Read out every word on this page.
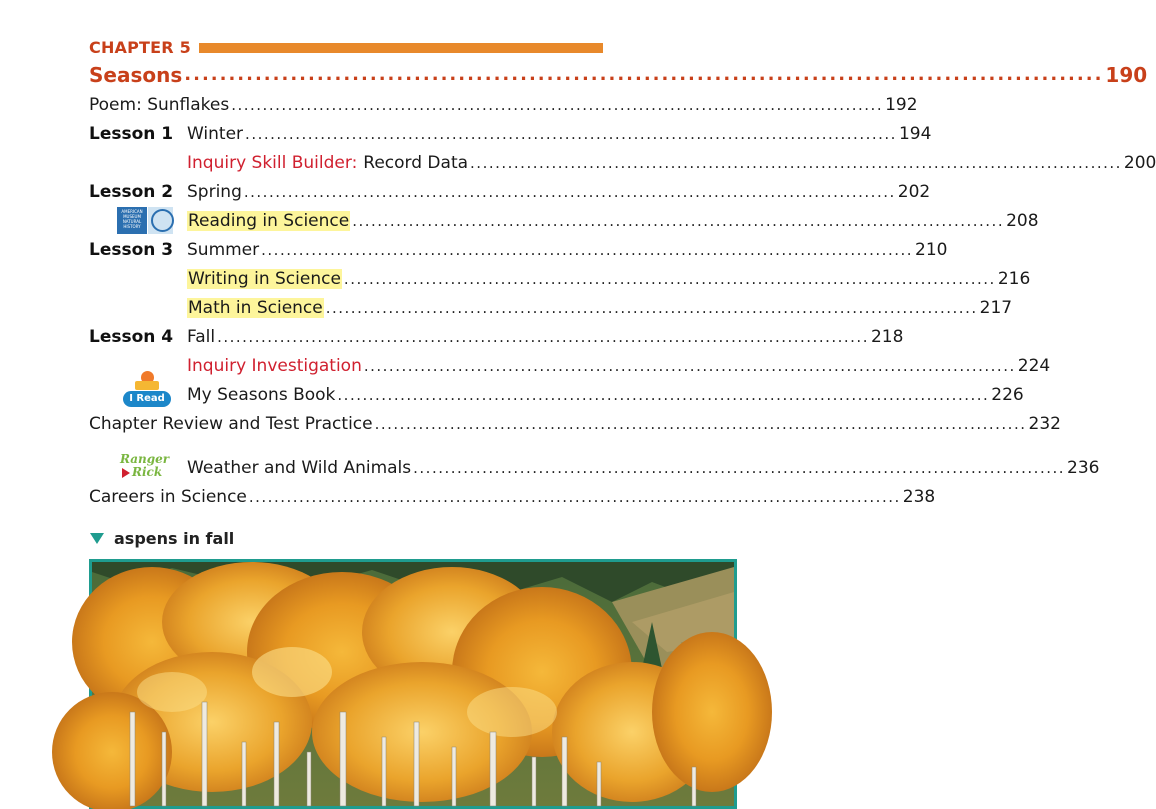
CHAPTER 5
Seasons ........................................................................................................ 190
Poem: Sunflakes ........................................................................................................ 192
Lesson 1 Winter ........................................................................................................ 194
Inquiry Skill Builder: Record Data ........................................................................................................ 200
Lesson 2 Spring ........................................................................................................ 202
Reading in Science ........................................................................................................ 208
AMERICAN
MUSEUM
NATURAL
HISTORY
Lesson 3 Summer ........................................................................................................ 210
Writing in Science ........................................................................................................ 216
Math in Science ........................................................................................................ 217
Lesson 4 Fall ........................................................................................................ 218
Inquiry Investigation ........................................................................................................ 224
My Seasons Book ........................................................................................................ 226
I Read
Chapter Review and Test Practice ........................................................................................................ 232
Weather and Wild Animals ........................................................................................................ 236
Ranger
Rick
Careers in Science ........................................................................................................ 238
aspens in fall
